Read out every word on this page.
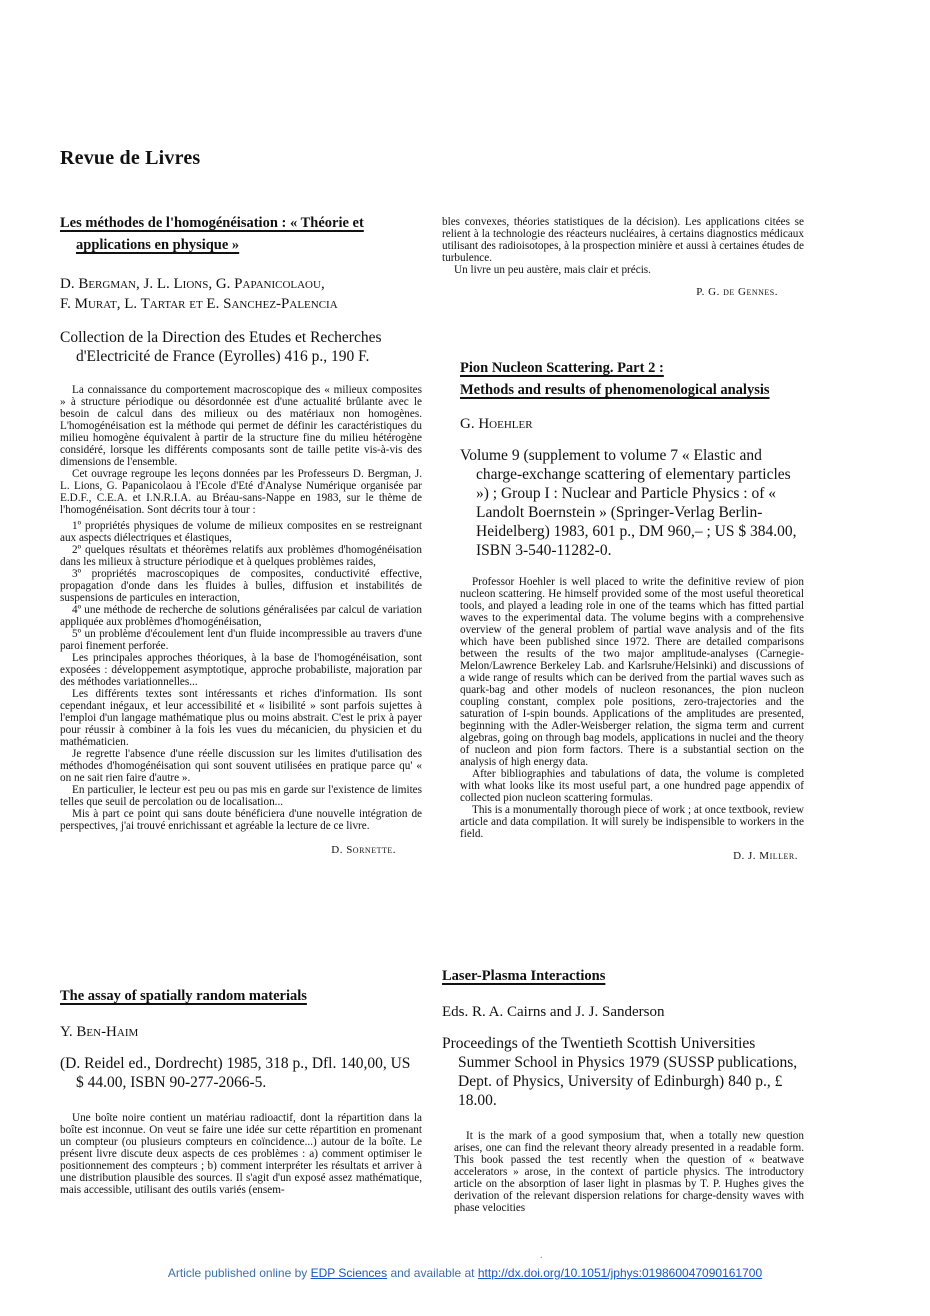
Revue de Livres
Les méthodes de l'homogénéisation : « Théorie et
applications en physique »
D. Bergman, J. L. Lions, G. Papanicolaou,
F. Murat, L. Tartar et E. Sanchez-Palencia
Collection de la Direction des Etudes et Recherches d'Electricité de France (Eyrolles) 416 p., 190 F.

La connaissance du comportement macroscopique des « milieux composites » à structure périodique ou désordonnée est d'une actualité brûlante avec le besoin de calcul dans des milieux ou des matériaux non homogènes. L'homogénéisation est la méthode qui permet de définir les caractéristiques du milieu homogène équivalent à partir de la structure fine du milieu hétérogène considéré, lorsque les différents composants sont de taille petite vis-à-vis des dimensions de l'ensemble.

Cet ouvrage regroupe les leçons données par les Professeurs D. Bergman, J. L. Lions, G. Papanicolaou à l'Ecole d'Eté d'Analyse Numérique organisée par E.D.F., C.E.A. et I.N.R.I.A. au Bréau-sans-Nappe en 1983, sur le thème de l'homogénéisation. Sont décrits tour à tour :

1º propriétés physiques de volume de milieux composites en se restreignant aux aspects diélectriques et élastiques,

2º quelques résultats et théorèmes relatifs aux problèmes d'homogénéisation dans les milieux à structure périodique et à quelques problèmes raides,

3º propriétés macroscopiques de composites, conductivité effective, propagation d'onde dans les fluides à bulles, diffusion et instabilités de suspensions de particules en interaction,

4º une méthode de recherche de solutions généralisées par calcul de variation appliquée aux problèmes d'homogénéisation,

5º un problème d'écoulement lent d'un fluide incompressible au travers d'une paroi finement perforée.

Les principales approches théoriques, à la base de l'homogénéisation, sont exposées : développement asymptotique, approche probabiliste, majoration par des méthodes variationnelles...

Les différents textes sont intéressants et riches d'information. Ils sont cependant inégaux, et leur accessibilité et « lisibilité » sont parfois sujettes à l'emploi d'un langage mathématique plus ou moins abstrait. C'est le prix à payer pour réussir à combiner à la fois les vues du mécanicien, du physicien et du mathématicien.

Je regrette l'absence d'une réelle discussion sur les limites d'utilisation des méthodes d'homogénéisation qui sont souvent utilisées en pratique parce qu' « on ne sait rien faire d'autre ».

En particulier, le lecteur est peu ou pas mis en garde sur l'existence de limites telles que seuil de percolation ou de localisation...

Mis à part ce point qui sans doute bénéficiera d'une nouvelle intégration de perspectives, j'ai trouvé enrichissant et agréable la lecture de ce livre.

D. Sornette.
The assay of spatially random materials
Y. Ben-Haim
(D. Reidel ed., Dordrecht) 1985, 318 p., Dfl. 140,00, US $ 44.00, ISBN 90-277-2066-5.

Une boîte noire contient un matériau radioactif, dont la répartition dans la boîte est inconnue. On veut se faire une idée sur cette répartition en promenant un compteur (ou plusieurs compteurs en coïncidence...) autour de la boîte. Le présent livre discute deux aspects de ces problèmes : a) comment optimiser le positionnement des compteurs ; b) comment interpréter les résultats et arriver à une distribution plausible des sources. Il s'agit d'un exposé assez mathématique, mais accessible, utilisant des outils variés (ensem-

bles convexes, théories statistiques de la décision). Les applications citées se relient à la technologie des réacteurs nucléaires, à certains diagnostics médicaux utilisant des radioisotopes, à la prospection minière et aussi à certaines études de turbulence.

Un livre un peu austère, mais clair et précis.

P. G. de Gennes.
Pion Nucleon Scattering. Part 2 :
Methods and results of phenomenological analysis
G. Hoehler
Volume 9 (supplement to volume 7 « Elastic and charge-exchange scattering of elementary particles ») ; Group I : Nuclear and Particle Physics : of « Landolt Boernstein » (Springer-Verlag Berlin-Heidelberg) 1983, 601 p., DM 960,– ; US $ 384.00, ISBN 3-540-11282-0.

Professor Hoehler is well placed to write the definitive review of pion nucleon scattering. He himself provided some of the most useful theoretical tools, and played a leading role in one of the teams which has fitted partial waves to the experimental data. The volume begins with a comprehensive overview of the general problem of partial wave analysis and of the fits which have been published since 1972. There are detailed comparisons between the results of the two major amplitude-analyses (Carnegie-Melon/Lawrence Berkeley Lab. and Karlsruhe/Helsinki) and discussions of a wide range of results which can be derived from the partial waves such as quark-bag and other models of nucleon resonances, the pion nucleon coupling constant, complex pole positions, zero-trajectories and the saturation of I-spin bounds. Applications of the amplitudes are presented, beginning with the Adler-Weisberger relation, the sigma term and current algebras, going on through bag models, applications in nuclei and the theory of nucleon and pion form factors. There is a substantial section on the analysis of high energy data.

After bibliographies and tabulations of data, the volume is completed with what looks like its most useful part, a one hundred page appendix of collected pion nucleon scattering formulas.

This is a monumentally thorough piece of work ; at once textbook, review article and data compilation. It will surely be indispensible to workers in the field.

D. J. Miller.
Laser-Plasma Interactions
Eds. R. A. Cairns and J. J. Sanderson
Proceedings of the Twentieth Scottish Universities Summer School in Physics 1979 (SUSSP publications, Dept. of Physics, University of Edinburgh) 840 p., £ 18.00.

It is the mark of a good symposium that, when a totally new question arises, one can find the relevant theory already presented in a readable form. This book passed the test recently when the question of « beatwave accelerators » arose, in the context of particle physics. The introductory article on the absorption of laser light in plasmas by T. P. Hughes gives the derivation of the relevant dispersion relations for charge-density waves with phase velocities

.
Article published online by EDP Sciences and available at http://dx.doi.org/10.1051/jphys:019860047090161700
